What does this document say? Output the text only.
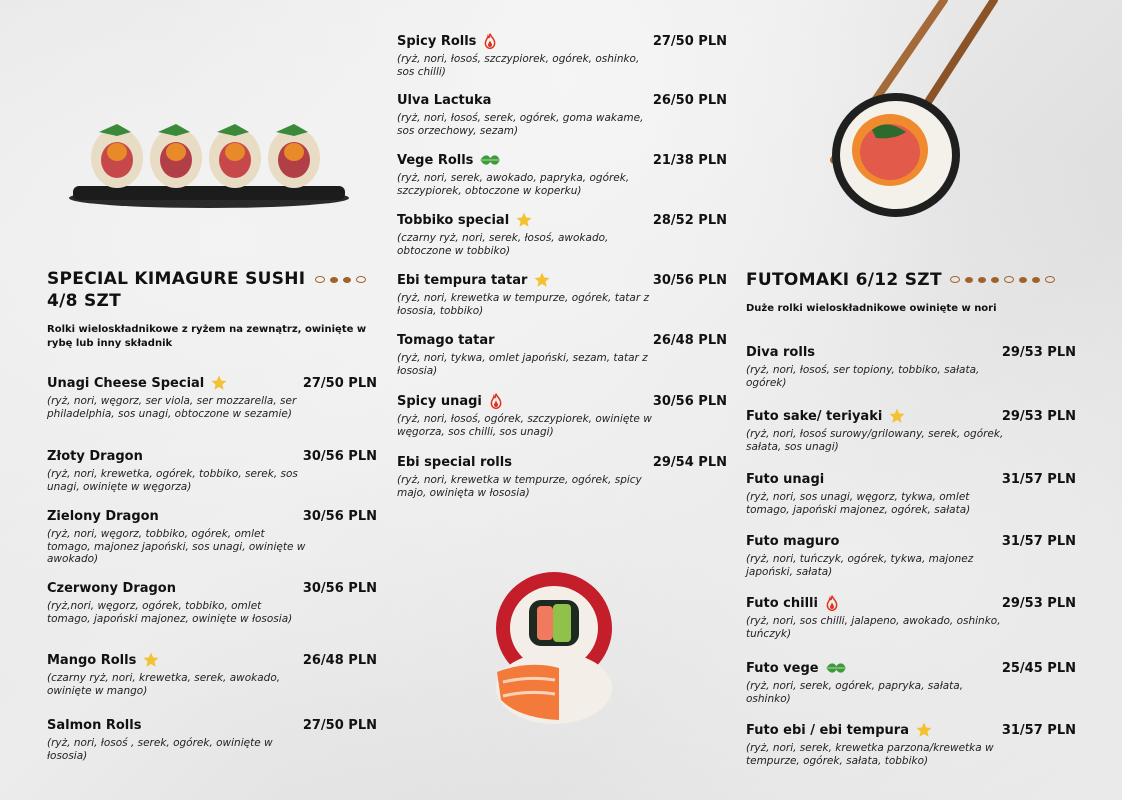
SPECIAL KIMAGURE SUSHI
4/8 SZT
Rolki wieloskładnikowe z ryżem na zewnątrz, owinięte w rybę lub inny składnik
Unagi Cheese Special	27/50 PLN
(ryż, nori, węgorz, ser viola, ser mozzarella, ser philadelphia, sos unagi, obtoczone w sezamie)
Złoty Dragon	30/56 PLN
(ryż, nori, krewetka, ogórek, tobbiko, serek, sos unagi, owinięte w węgorza)
Zielony Dragon	30/56 PLN
(ryż, nori, węgorz, tobbiko, ogórek, omlet tomago, majonez japoński, sos unagi, owinięte w awokado)
Czerwony Dragon	30/56 PLN
(ryż,nori, węgorz, ogórek, tobbiko, omlet tomago, japoński majonez, owinięte w łososia)
Mango Rolls	26/48 PLN
(czarny ryż, nori, krewetka, serek, awokado, owinięte w mango)
Salmon Rolls	27/50 PLN
(ryż, nori, łosoś , serek, ogórek, owinięte w łososia)
Spicy Rolls	27/50 PLN
(ryż, nori, łosoś, szczypiorek, ogórek, oshinko, sos chilli)
Ulva Lactuka	26/50 PLN
(ryż, nori, łosoś, serek, ogórek, goma wakame, sos orzechowy, sezam)
Vege Rolls	21/38 PLN
(ryż, nori, serek, awokado, papryka, ogórek, szczypiorek, obtoczone w koperku)
Tobbiko special	28/52 PLN
(czarny ryż, nori, serek, łosoś, awokado, obtoczone w tobbiko)
Ebi tempura tatar	30/56 PLN
(ryż, nori, krewetka w tempurze, ogórek, tatar z łososia, tobbiko)
Tomago tatar	26/48 PLN
(ryż, nori, tykwa, omlet japoński, sezam, tatar z łososia)
Spicy unagi	30/56 PLN
(ryż, nori, łosoś, ogórek, szczypiorek, owinięte w węgorza, sos chilli, sos unagi)
Ebi special rolls	29/54 PLN
(ryż, nori, krewetka w tempurze, ogórek, spicy majo, owinięta w łososia)
FUTOMAKI 6/12 SZT
Duże rolki wieloskładnikowe owinięte w nori
Diva rolls	29/53 PLN
(ryż, nori, łosoś, ser topiony, tobbiko, sałata, ogórek)
Futo sake/ teriyaki	29/53 PLN
(ryż, nori, łosoś surowy/grilowany, serek, ogórek, sałata, sos unagi)
Futo unagi	31/57 PLN
(ryż, nori, sos unagi, węgorz, tykwa, omlet tomago, japoński majonez, ogórek, sałata)
Futo maguro	31/57 PLN
(ryż, nori, tuńczyk, ogórek, tykwa, majonez japoński, sałata)
Futo chilli	29/53 PLN
(ryż, nori, sos chilli, jalapeno, awokado, oshinko, tuńczyk)
Futo vege	25/45 PLN
(ryż, nori, serek, ogórek, papryka, sałata, oshinko)
Futo ebi / ebi tempura	31/57 PLN
(ryż, nori, serek, krewetka parzona/krewetka w tempurze, ogórek, sałata, tobbiko)
